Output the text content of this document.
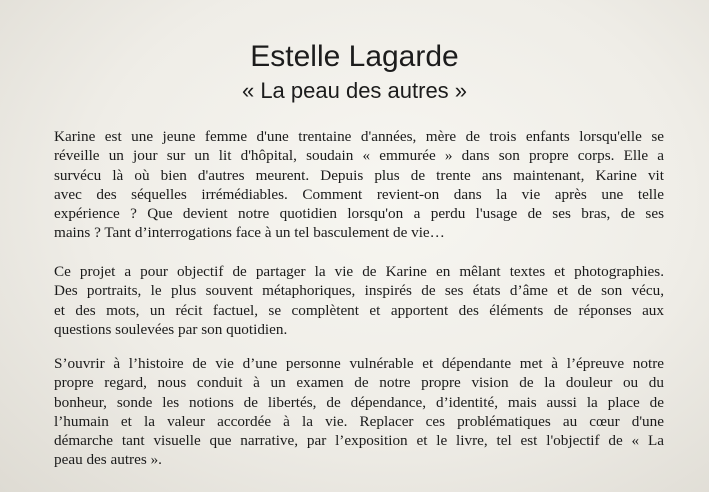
Estelle Lagarde
« La peau des autres »
Karine est une jeune femme d'une trentaine d'années, mère de trois enfants lorsqu'elle se
réveille un jour sur un lit d'hôpital, soudain « emmurée » dans son propre corps. Elle a
survécu là où bien d'autres meurent. Depuis plus de trente ans maintenant, Karine vit
avec des séquelles irrémédiables. Comment revient-on dans la vie après une telle
expérience ? Que devient notre quotidien lorsqu'on a perdu l'usage de ses bras, de ses
mains ? Tant d’interrogations face à un tel basculement de vie…
Ce projet a pour objectif de partager la vie de Karine en mêlant textes et photographies.
Des portraits, le plus souvent métaphoriques, inspirés de ses états d’âme et de son vécu,
et des mots, un récit factuel, se complètent et apportent des éléments de réponses aux
questions soulevées par son quotidien.
S’ouvrir à l’histoire de vie d’une personne vulnérable et dépendante met à l’épreuve notre
propre regard, nous conduit à un examen de notre propre vision de la douleur ou du
bonheur, sonde les notions de libertés, de dépendance, d’identité, mais aussi la place de
l’humain et la valeur accordée à la vie. Replacer ces problématiques au cœur d'une
démarche tant visuelle que narrative, par l’exposition et le livre, tel est l'objectif de « La
peau des autres ».
